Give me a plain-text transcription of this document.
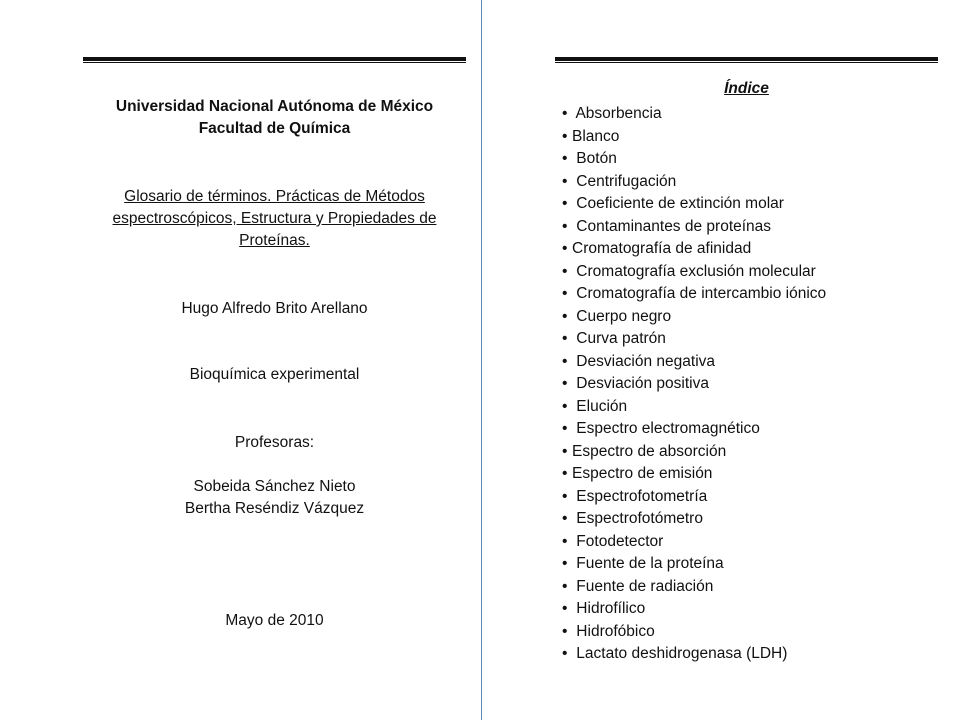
Universidad Nacional Autónoma de México
Facultad de Química
Glosario de términos. Prácticas de Métodos
espectroscópicos, Estructura y Propiedades de
Proteínas.
Hugo Alfredo Brito Arellano
Bioquímica experimental
Profesoras:
Sobeida Sánchez Nieto
Bertha Reséndiz Vázquez
Mayo de 2010
Índice
• Absorbencia
• Blanco
• Botón
• Centrifugación
• Coeficiente de extinción molar
• Contaminantes de proteínas
• Cromatografía de afinidad
• Cromatografía exclusión molecular
• Cromatografía de intercambio iónico
• Cuerpo negro
• Curva patrón
• Desviación negativa
• Desviación positiva
• Elución
• Espectro electromagnético
• Espectro de absorción
• Espectro de emisión
• Espectrofotometría
• Espectrofotómetro
• Fotodetector
• Fuente de la proteína
• Fuente de radiación
• Hidrofílico
• Hidrofóbico
• Lactato deshidrogenasa (LDH)
